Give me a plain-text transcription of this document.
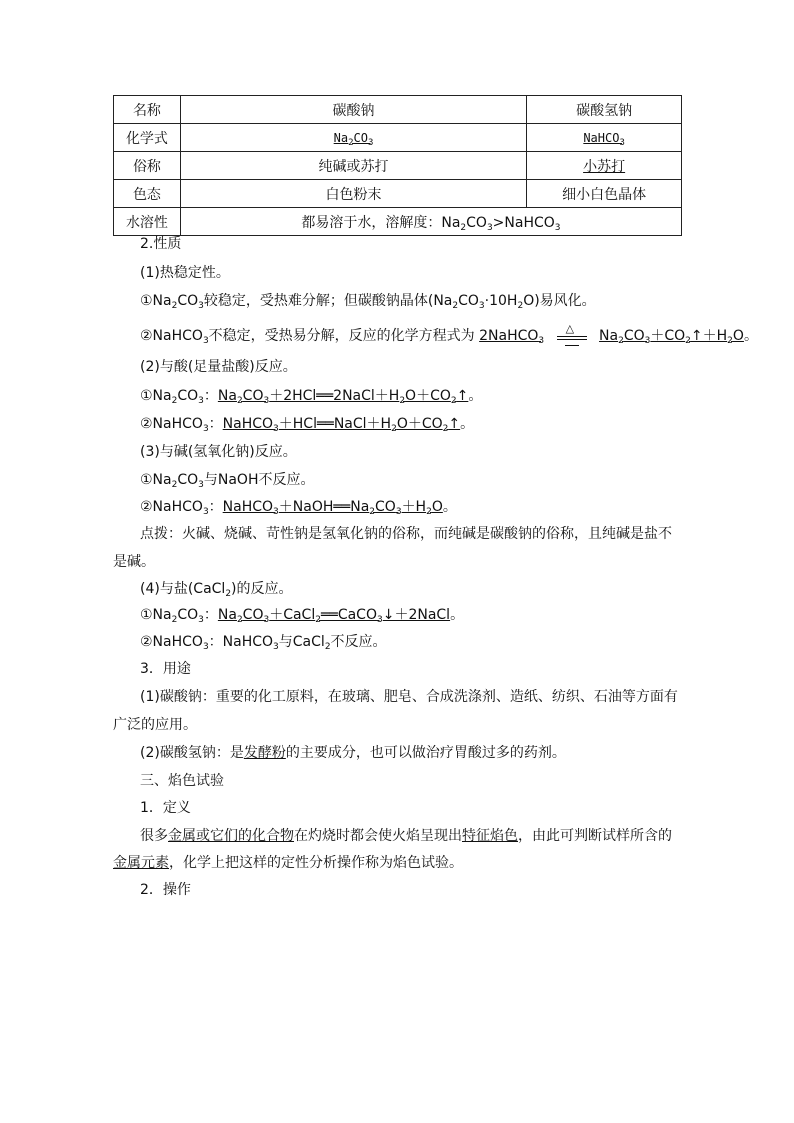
名称	碳酸钠	碳酸氢钠
化学式	$Na_2CO_3$	NaHCO$_3$
俗称	纯碱或苏打	小苏打
色态	白色粉末	细小白色晶体
水溶性	都易溶于水，溶解度：$Na_2CO_3>NaHCO_3$
2.性质
(1)热稳定性。
$①Na_2CO_3$较稳定，受热难分解；但碳酸钠晶体$(Na_2CO_3\cdot 10H_2O)$易风化。
②NaHCO$_3$不稳定，受热易分解，反应的化学方程式为 2NaHCO$_3$
△ $Na_2CO_3+CO_2↑+H_2O$。
(2)与酸(足量盐酸)反应。
$①Na_2CO_3$：$Na_2CO_3+2HCl══2NaCl+H_2O+CO_2↑$。
②NaHCO$_3$：$NaHCO_3+HCl══NaCl+H_2O+CO_2↑$。
(3)与碱(氢氧化钠)反应。
$①Na_2CO_3$与NaOH不反应。
②NaHCO$_3$：$NaHCO_3+NaOH══Na_2CO_3+H_2O$。
点拨：火碱、烧碱、苛性钠是氢氧化钠的俗称，而纯碱是碳酸钠的俗称，且纯碱是盐不
是碱。
(4)与盐(CaCl$_2$)的反应。
$①Na_2CO_3$：$Na_2CO_3+CaCl_2══CaCO_3↓+2NaCl$。
②NaHCO$_3$：NaHCO$_3$与CaCl$_2$不反应。
3．用途
(1)碳酸钠：重要的化工原料，在玻璃、肥皂、合成洗涤剂、造纸、纺织、石油等方面有
广泛的应用。
(2)碳酸氢钠：是发酵粉的主要成分，也可以做治疗胃酸过多的药剂。
三、焰色试验
1．定义
很多金属或它们的化合物在灼烧时都会使火焰呈现出特征焰色，由此可判断试样所含的
金属元素，化学上把这样的定性分析操作称为焰色试验。
2．操作
